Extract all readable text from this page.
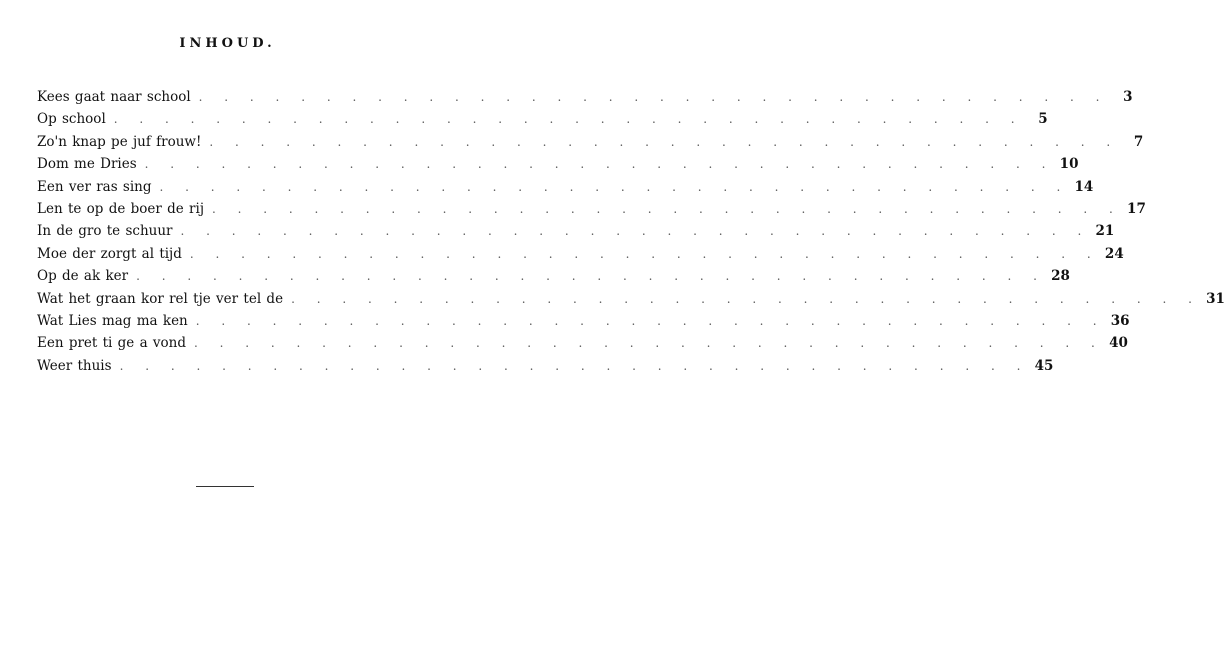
INHOUD.
Kees gaat naar school . . . . . . . . . . . . . . . . . . . . . . . . . . . . . . . . . . . .	3
Op school . . . . . . . . . . . . . . . . . . . . . . . . . . . . . . . . . . . .	5
Zo'n knap pe juf frouw! . . . . . . . . . . . . . . . . . . . . . . . . . . . . . . . . . . . .	7
Dom me Dries . . . . . . . . . . . . . . . . . . . . . . . . . . . . . . . . . . . . 10
Een ver ras sing . . . . . . . . . . . . . . . . . . . . . . . . . . . . . . . . . . . . 14
Len te op de boer de rij . . . . . . . . . . . . . . . . . . . . . . . . . . . . . . . . . . . . 17
In de gro te schuur . . . . . . . . . . . . . . . . . . . . . . . . . . . . . . . . . . . . 21
Moe der zorgt al tijd . . . . . . . . . . . . . . . . . . . . . . . . . . . . . . . . . . . . 24
Op de ak ker . . . . . . . . . . . . . . . . . . . . . . . . . . . . . . . . . . . . 28
Wat het graan kor rel tje ver tel de . . . . . . . . . . . . . . . . . . . . . . . . . . . . . . . . . . . . 31
Wat Lies mag ma ken . . . . . . . . . . . . . . . . . . . . . . . . . . . . . . . . . . . . 36
Een pret ti ge a vond . . . . . . . . . . . . . . . . . . . . . . . . . . . . . . . . . . . . 40
Weer thuis . . . . . . . . . . . . . . . . . . . . . . . . . . . . . . . . . . . . 45
